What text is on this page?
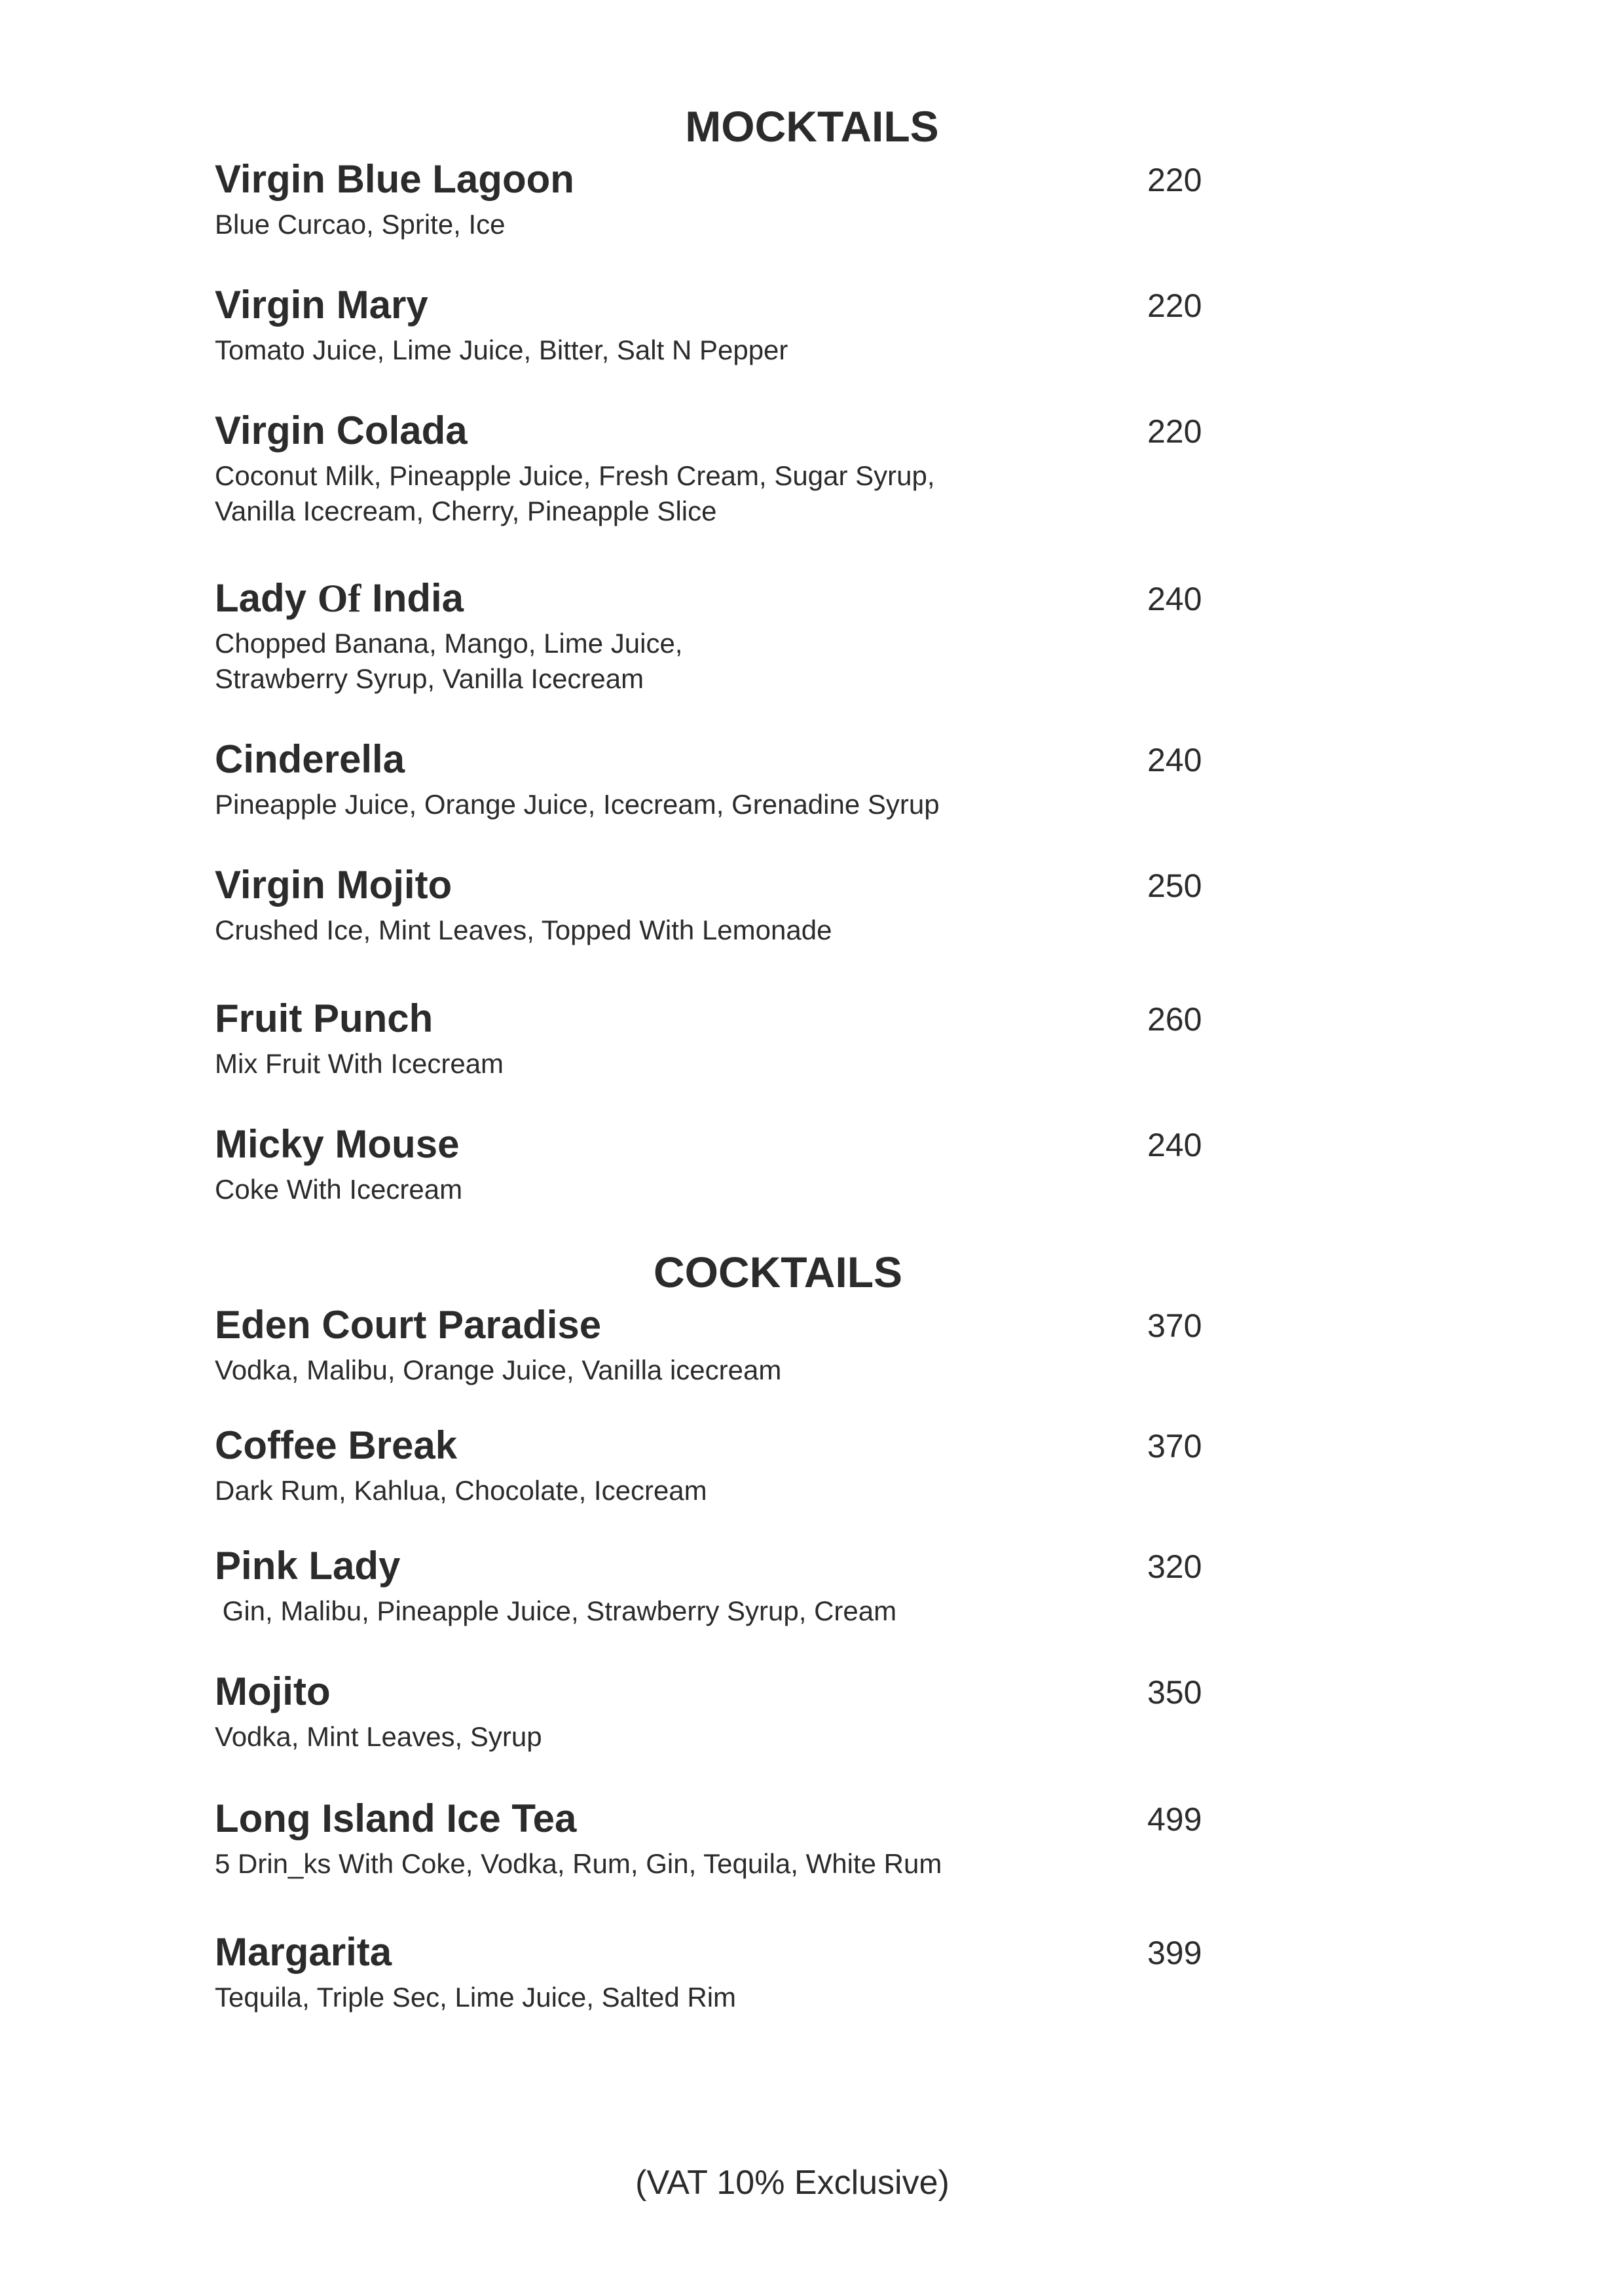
MOCKTAILS
Virgin Blue Lagoon	220
Blue Curcao, Sprite, Ice
Virgin Mary	220
Tomato Juice, Lime Juice, Bitter, Salt N Pepper
Virgin Colada	220
Coconut Milk, Pineapple Juice, Fresh Cream, Sugar Syrup,
Vanilla Icecream, Cherry, Pineapple Slice
Lady Of India	240
Chopped Banana, Mango, Lime Juice,
Strawberry Syrup, Vanilla Icecream
Cinderella	240
Pineapple Juice, Orange Juice, Icecream, Grenadine Syrup
Virgin Mojito	250
Crushed Ice, Mint Leaves, Topped With Lemonade
Fruit Punch	260
Mix Fruit With Icecream
Micky Mouse	240
Coke With Icecream
COCKTAILS
Eden Court Paradise	370
Vodka, Malibu, Orange Juice, Vanilla icecream
Coffee Break	370
Dark Rum, Kahlua, Chocolate, Icecream
Pink Lady	320
Gin, Malibu, Pineapple Juice, Strawberry Syrup, Cream
Mojito	350
Vodka, Mint Leaves, Syrup
Long Island Ice Tea	499
5 Drin_ks With Coke, Vodka, Rum, Gin, Tequila, White Rum
Margarita	399
Tequila, Triple Sec, Lime Juice, Salted Rim
(VAT 10% Exclusive)
